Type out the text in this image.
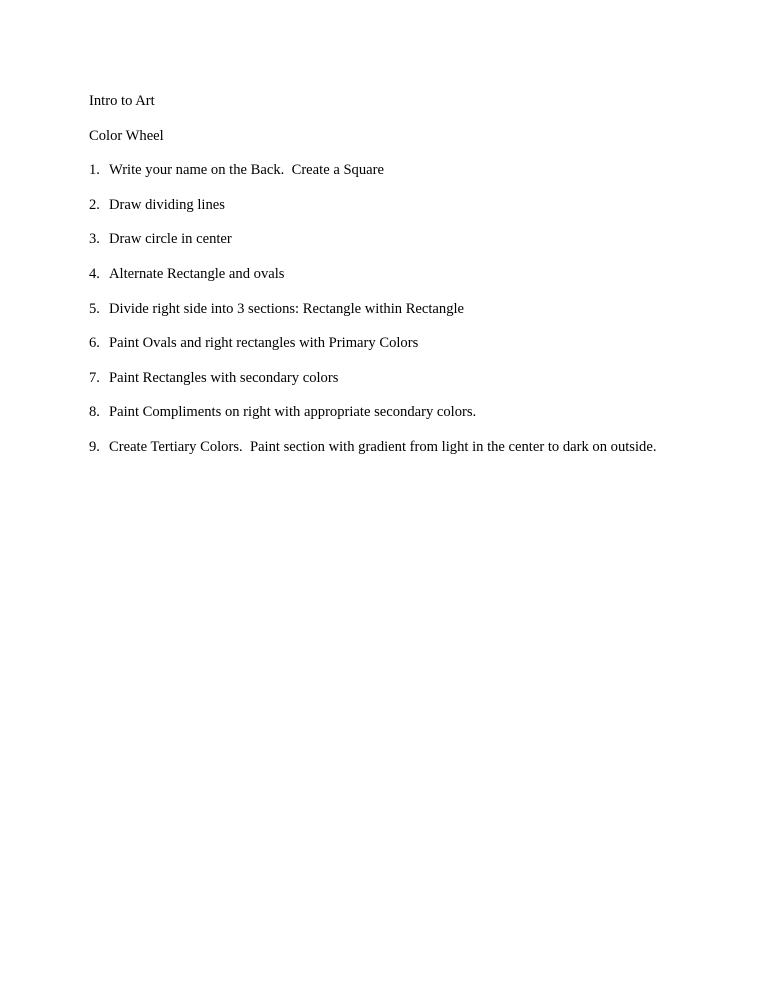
Intro to Art
Color Wheel
1. Write your name on the Back.  Create a Square
2. Draw dividing lines
3. Draw circle in center
4. Alternate Rectangle and ovals
5. Divide right side into 3 sections: Rectangle within Rectangle
6. Paint Ovals and right rectangles with Primary Colors
7. Paint Rectangles with secondary colors
8. Paint Compliments on right with appropriate secondary colors.
9. Create Tertiary Colors.  Paint section with gradient from light in the center to dark on outside.
